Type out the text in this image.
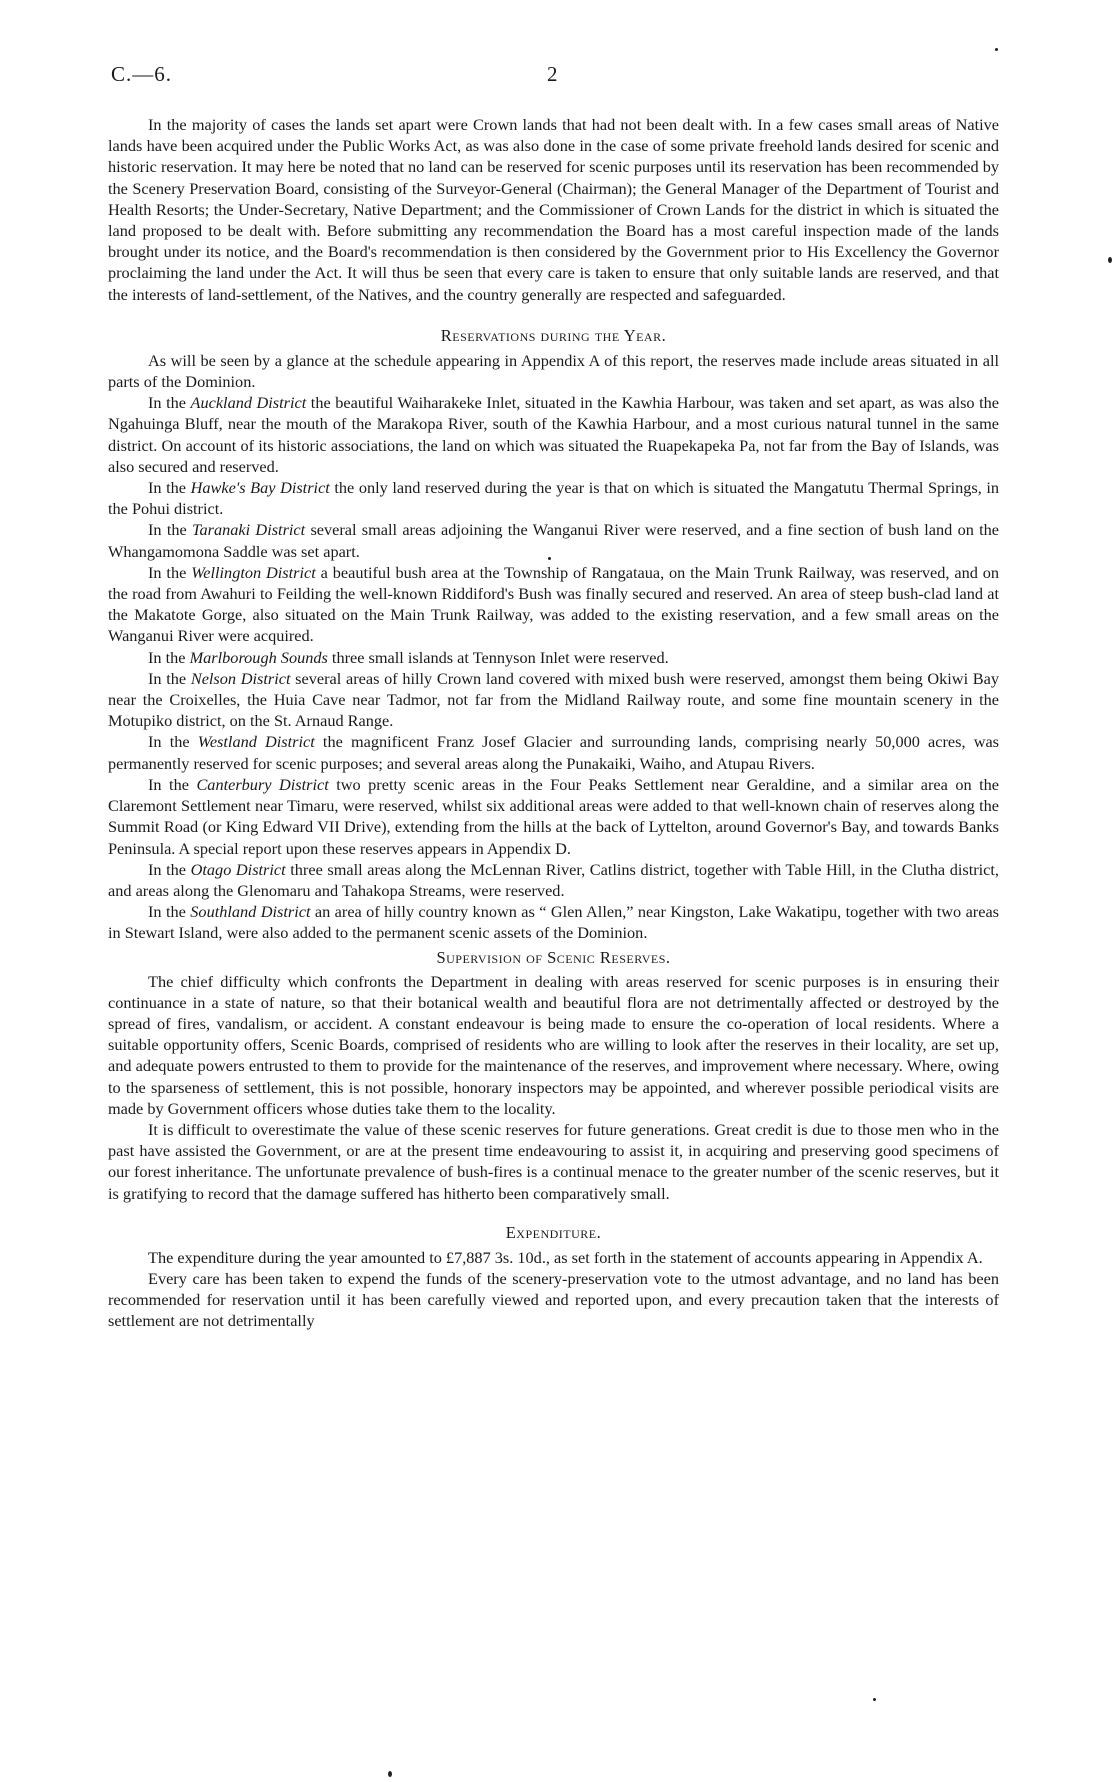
C.—6.	2

In the majority of cases the lands set apart were Crown lands that had not been dealt with. In a few cases small areas of Native lands have been acquired under the Public Works Act, as was also done in the case of some private freehold lands desired for scenic and historic reservation. It may here be noted that no land can be reserved for scenic purposes until its reservation has been recommended by the Scenery Preservation Board, consisting of the Surveyor-General (Chairman); the General Manager of the Department of Tourist and Health Resorts; the Under-Secretary, Native Department; and the Commissioner of Crown Lands for the district in which is situated the land proposed to be dealt with. Before submitting any recommendation the Board has a most careful inspection made of the lands brought under its notice, and the Board's recommendation is then considered by the Government prior to His Excellency the Governor proclaiming the land under the Act. It will thus be seen that every care is taken to ensure that only suitable lands are reserved, and that the interests of land-settlement, of the Natives, and the country generally are respected and safeguarded.

Reservations during the Year.

As will be seen by a glance at the schedule appearing in Appendix A of this report, the reserves made include areas situated in all parts of the Dominion.

In the Auckland District the beautiful Waiharakeke Inlet, situated in the Kawhia Harbour, was taken and set apart, as was also the Ngahuinga Bluff, near the mouth of the Marakopa River, south of the Kawhia Harbour, and a most curious natural tunnel in the same district. On account of its historic associations, the land on which was situated the Ruapekapeka Pa, not far from the Bay of Islands, was also secured and reserved.

In the Hawke's Bay District the only land reserved during the year is that on which is situated the Mangatutu Thermal Springs, in the Pohui district.

In the Taranaki District several small areas adjoining the Wanganui River were reserved, and a fine section of bush land on the Whangamomona Saddle was set apart.

In the Wellington District a beautiful bush area at the Township of Rangataua, on the Main Trunk Railway, was reserved, and on the road from Awahuri to Feilding the well-known Riddiford's Bush was finally secured and reserved. An area of steep bush-clad land at the Makatote Gorge, also situated on the Main Trunk Railway, was added to the existing reservation, and a few small areas on the Wanganui River were acquired.

In the Marlborough Sounds three small islands at Tennyson Inlet were reserved.

In the Nelson District several areas of hilly Crown land covered with mixed bush were reserved, amongst them being Okiwi Bay near the Croixelles, the Huia Cave near Tadmor, not far from the Midland Railway route, and some fine mountain scenery in the Motupiko district, on the St. Arnaud Range.

In the Westland District the magnificent Franz Josef Glacier and surrounding lands, comprising nearly 50,000 acres, was permanently reserved for scenic purposes; and several areas along the Punakaiki, Waiho, and Atupau Rivers.

In the Canterbury District two pretty scenic areas in the Four Peaks Settlement near Geraldine, and a similar area on the Claremont Settlement near Timaru, were reserved, whilst six additional areas were added to that well-known chain of reserves along the Summit Road (or King Edward VII Drive), extending from the hills at the back of Lyttelton, around Governor's Bay, and towards Banks Peninsula. A special report upon these reserves appears in Appendix D.

In the Otago District three small areas along the McLennan River, Catlins district, together with Table Hill, in the Clutha district, and areas along the Glenomaru and Tahakopa Streams, were reserved.

In the Southland District an area of hilly country known as “ Glen Allen,” near Kingston, Lake Wakatipu, together with two areas in Stewart Island, were also added to the permanent scenic assets of the Dominion.

Supervision of Scenic Reserves.

The chief difficulty which confronts the Department in dealing with areas reserved for scenic purposes is in ensuring their continuance in a state of nature, so that their botanical wealth and beautiful flora are not detrimentally affected or destroyed by the spread of fires, vandalism, or accident. A constant endeavour is being made to ensure the co-operation of local residents. Where a suitable opportunity offers, Scenic Boards, comprised of residents who are willing to look after the reserves in their locality, are set up, and adequate powers entrusted to them to provide for the maintenance of the reserves, and improvement where necessary. Where, owing to the sparseness of settlement, this is not possible, honorary inspectors may be appointed, and wherever possible periodical visits are made by Government officers whose duties take them to the locality.

It is difficult to overestimate the value of these scenic reserves for future generations. Great credit is due to those men who in the past have assisted the Government, or are at the present time endeavouring to assist it, in acquiring and preserving good specimens of our forest inheritance. The unfortunate prevalence of bush-fires is a continual menace to the greater number of the scenic reserves, but it is gratifying to record that the damage suffered has hitherto been comparatively small.

Expenditure.

The expenditure during the year amounted to £7,887 3s. 10d., as set forth in the statement of accounts appearing in Appendix A.

Every care has been taken to expend the funds of the scenery-preservation vote to the utmost advantage, and no land has been recommended for reservation until it has been carefully viewed and reported upon, and every precaution taken that the interests of settlement are not detrimentally
